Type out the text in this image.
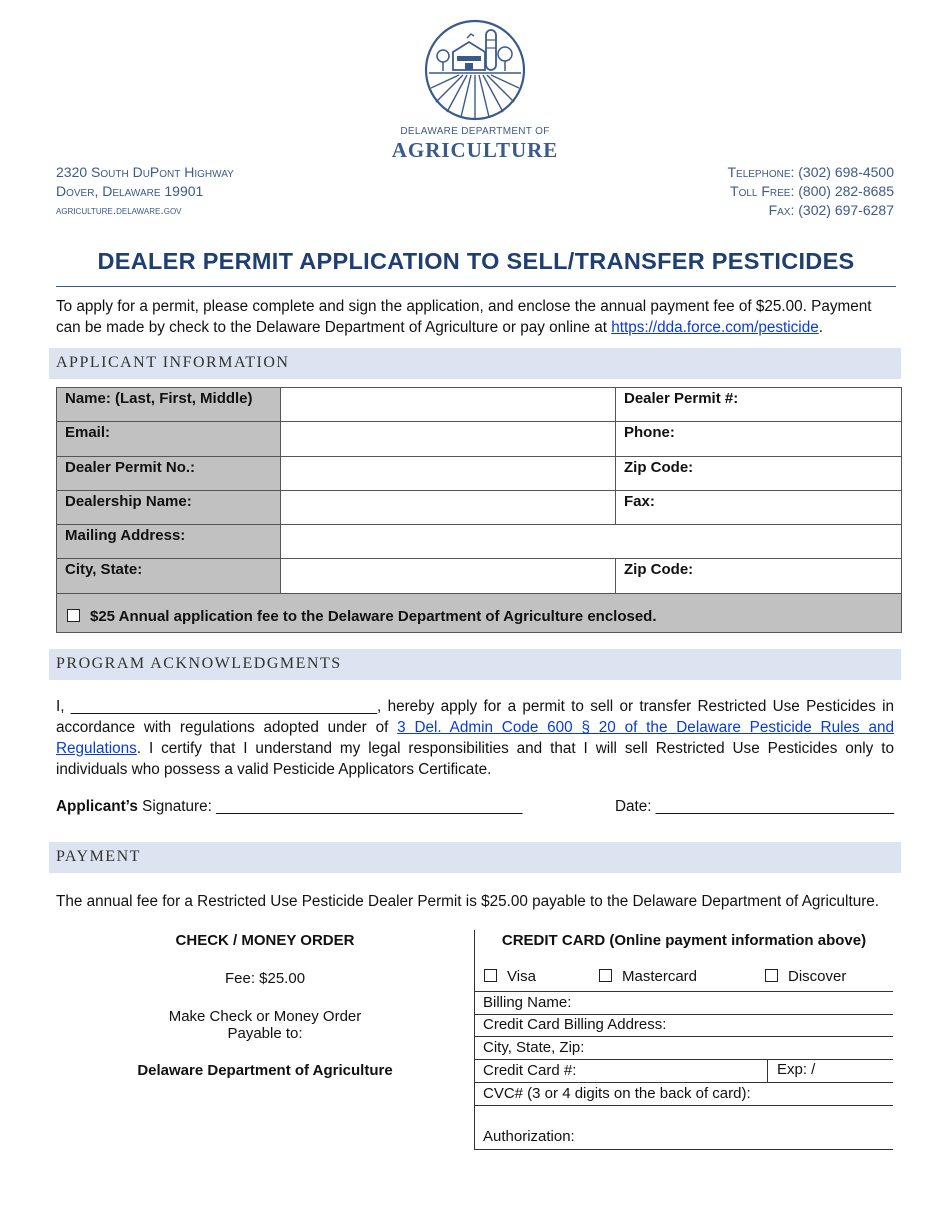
DELAWARE DEPARTMENT OF
AGRICULTURE
2320 South DuPont Highway
Dover, Delaware 19901
agriculture.delaware.gov
Telephone: (302) 698-4500
Toll Free: (800) 282-8685
Fax: (302) 697-6287
DEALER PERMIT APPLICATION TO SELL/TRANSFER PESTICIDES
To apply for a permit, please complete and sign the application, and enclose the annual payment fee of $25.00. Payment can be made by check to the Delaware Department of Agriculture or pay online at https://dda.force.com/pesticide.
APPLICANT INFORMATION
Name: (Last, First, Middle)		Dealer Permit #:
Email:		Phone:
Dealer Permit No.:		Zip Code:
Dealership Name:		Fax:
Mailing Address:		
City, State:		Zip Code:
$25 Annual application fee to the Delaware Department of Agriculture enclosed.		
PROGRAM ACKNOWLEDGMENTS
I, ____________________________________, hereby apply for a permit to sell or transfer Restricted Use Pesticides in accordance with regulations adopted under of 3 Del. Admin Code 600 § 20 of the Delaware Pesticide Rules and Regulations. I certify that I understand my legal responsibilities and that I will sell Restricted Use Pesticides only to individuals who possess a valid Pesticide Applicators Certificate.
Applicant’s Signature: ____________________________________	Date: ____________________________
PAYMENT
The annual fee for a Restricted Use Pesticide Dealer Permit is $25.00 payable to the Delaware Department of Agriculture.
CHECK / MONEY ORDER
Fee: $25.00
Make Check or Money Order
Payable to:
Delaware Department of Agriculture
CREDIT CARD (Online payment information above)
Visa	Mastercard	Discover
Billing Name:
Credit Card Billing Address:
City, State, Zip:
Credit Card #:	Exp: /
CVC# (3 or 4 digits on the back of card):
Authorization:
